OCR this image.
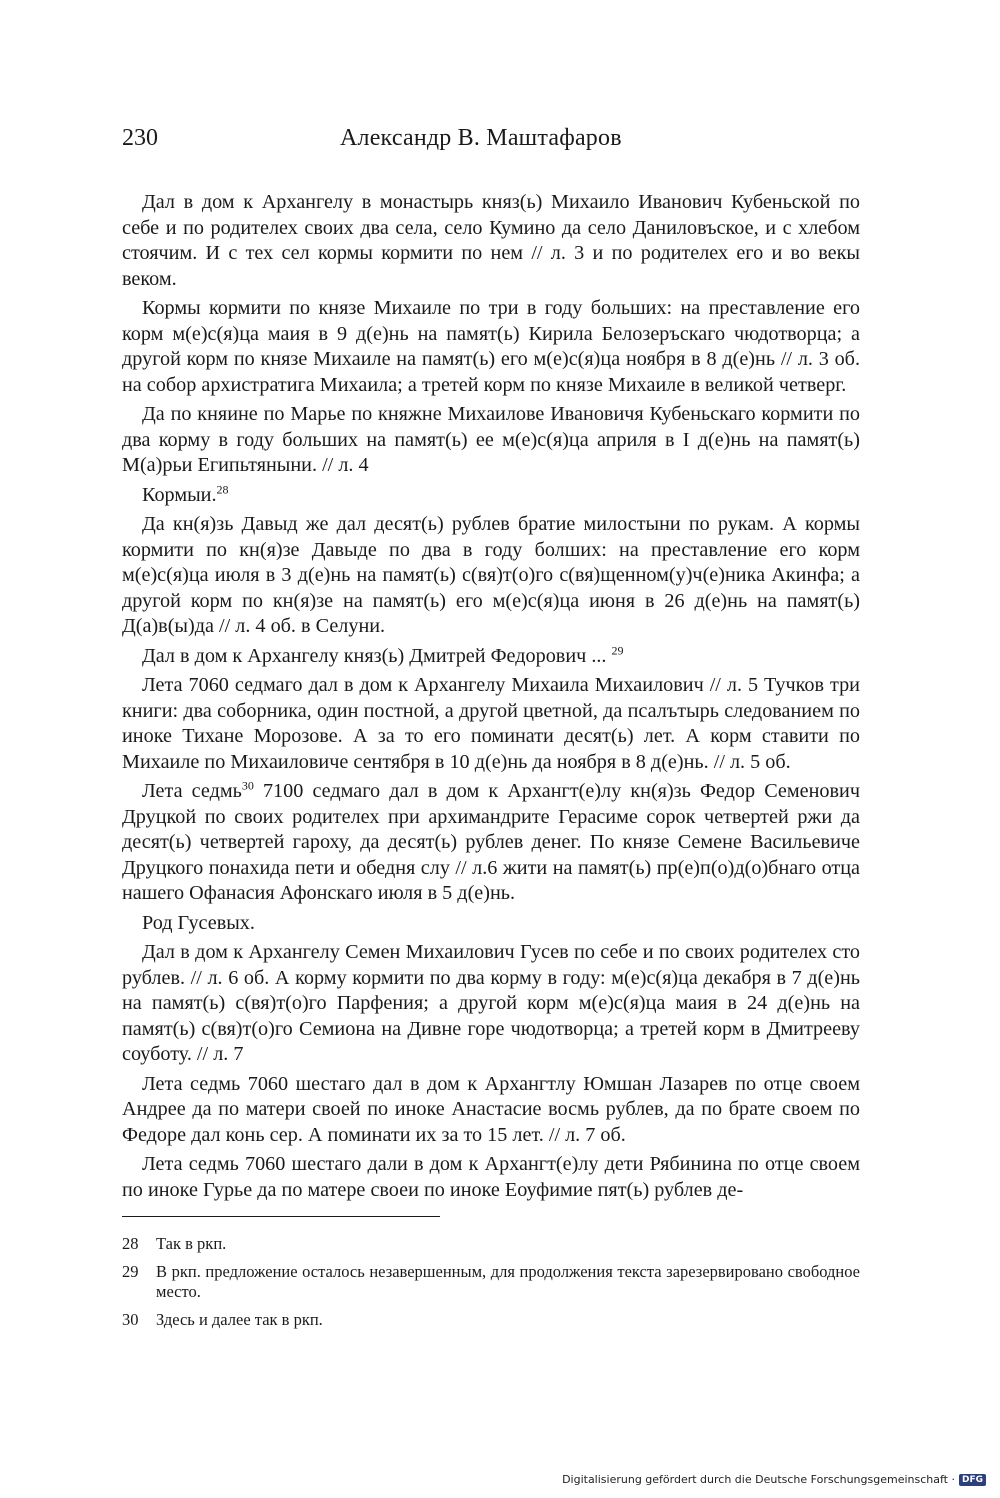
230	Александр В. Маштафаров

Дал в дом к Архангелу в монастырь княз(ь) Михаило Иванович Кубеньской по себе и по родителех своих два села, село Кумино да село Даниловъское, и с хлебом стоячим. И с тех сел кормы кормити по нем // л. 3 и по родителех его и во векы веком.

Кормы кормити по князе Михаиле по три в году больших: на преставление его корм м(е)с(я)ца маия в 9 д(е)нь на памят(ь) Кирила Белозеръскаго чюдотворца; а другой корм по князе Михаиле на памят(ь) его м(е)с(я)ца ноября в 8 д(е)нь // л. 3 об. на собор архистратига Михаила; а третей корм по князе Михаиле в великой четверг.

Да по княине по Марье по княжне Михаилове Ивановичя Кубеньскаго кормити по два корму в году больших на памят(ь) ее м(е)с(я)ца априля в I д(е)нь на памят(ь) М(а)рьи Египьтяныни. // л. 4

Кормыи.$^{28}$

Да кн(я)зь Давыд же дал десят(ь) рублев братие милостыни по рукам. А кормы кормити по кн(я)зе Давыде по два в году болших: на преставление его корм м(е)с(я)ца июля в 3 д(е)нь на памят(ь) с(вя)т(о)го с(вя)щенном(у)ч(е)ника Акинфа; а другой корм по кн(я)зе на памят(ь) его м(е)с(я)ца июня в 26 д(е)нь на памят(ь) Д(а)в(ы)да // л. 4 об. в Селуни.

Дал в дом к Архангелу княз(ь) Дмитрей Федорович ... $^{29}$

Лета 7060 седмаго дал в дом к Архангелу Михаила Михаилович // л. 5 Тучков три книги: два соборника, один постной, а другой цветной, да псалътырь следованием по иноке Тихане Морозове. А за то его поминати десят(ь) лет. А корм ставити по Михаиле по Михаиловиче сентября в 10 д(е)нь да ноября в 8 д(е)нь. // л. 5 об.

Лета седмь$^{30}$ 7100 седмаго дал в дом к Архангт(е)лу кн(я)зь Федор Семенович Друцкой по своих родителех при архимандрите Герасиме сорок четвертей ржи да десят(ь) четвертей гароху, да десят(ь) рублев денег. По князе Семене Васильевиче Друцкого понахида пети и обедня слу // л.6 жити на памят(ь) пр(е)п(о)д(о)бнаго отца нашего Офанасия Афонскаго июля в 5 д(е)нь.

Род Гусевых.

Дал в дом к Архангелу Семен Михаилович Гусев по себе и по своих родителех сто рублев. // л. 6 об. А корму кормити по два корму в году: м(е)с(я)ца декабря в 7 д(е)нь на памят(ь) с(вя)т(о)го Парфения; а другой корм м(е)с(я)ца маия в 24 д(е)нь на памят(ь) с(вя)т(о)го Семиона на Дивне горе чюдотворца; а третей корм в Дмитрееву соуботу. // л. 7

Лета седмь 7060 шестаго дал в дом к Архангтлу Юмшан Лазарев по отце своем Андрее да по матери своей по иноке Анастасие восмь рублев, да по брате своем по Федоре дал конь сер. А поминати их за то 15 лет. // л. 7 об.

Лета седмь 7060 шестаго дали в дом к Архангт(е)лу дети Рябинина по отце своем по иноке Гурье да по матере своеи по иноке Еоуфимие пят(ь) рублев де-

28	Так в ркп.
29	В ркп. предложение осталось незавершенным, для продолжения текста зарезервировано свободное место.
30	Здесь и далее так в ркп.
Digitalisierung gefördert durch die Deutsche Forschungsgemeinschaft · DFG
